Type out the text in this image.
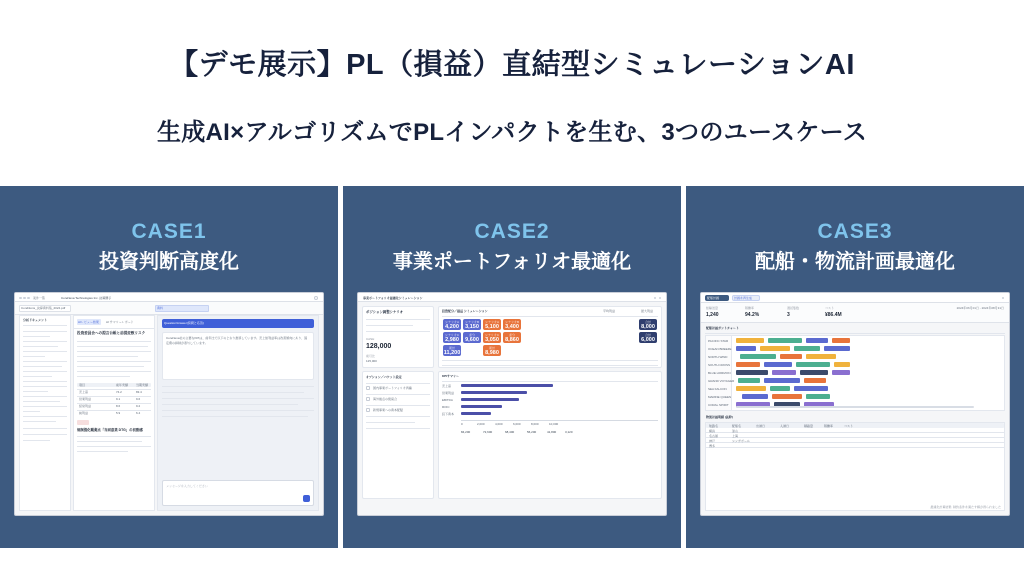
【デモ展示】PL（損益）直結型シミュレーションAI
生成AI×アルゴリズムでPLインパクトを生む、3つのユースケース
CASE1
投資判断高度化
案件一覧	CoreNexa Technologies Inc. 決算開示
Conditions_決算資料集_2024.pdf	資料
分析ドキュメント	AIレビュー結果 AI サマリーレポート
投資委員会への提言台帳と前提変数リスク
項目	前年実績	当期実績
売上高	74.2	83.4
営業利益	9.1	9.6
経常利益	8.6	9.2
純利益	5.9	6.4
規制強化観測点「当面意業 DTG」の初動感
Question/Answer(質問と応答)
CoreNexa社の主要なKPIは、前年比で以下のとおり推移しています。売上総利益率は改善傾向にあり、固定費の抑制が寄与しています。
メッセージを入力してください
CASE2
事業ポートフォリオ最適化
事業ポートフォリオ最適化シミュレーション
ポジション調整シナリオ
CASH
128,000
前月比
125,000
オプション／バケット設定
国内事業ポートフォリオ再編
海外拠点の統廃合
新規事業への資本配賦
投資配分／損益 シミュレーション	平均利益	最大利益
シナリオA
4,200
シナリオB
3,150
シナリオA
5,100
シナリオB
3,400
合計
8,000
シナリオC
2,980
差分
9,600
シナリオC
3,050
差分
8,860
合計
6,000
累計
11,200
累計
8,980
KPIサマリー
売上高
営業利益
EBITDA
ROIC
投下資本
0	2,000	4,000	6,000	8,000	10,000
84,200	72,600	68,400	56,200	41,800	3,120
CASE3
配船・物流計画最適化
配船計画	計画を再生成
総輸送量
1,240
稼働率
94.2%
遅延隻数
3
コスト
¥86.4M
2024年06月01日 - 2024年08月31日
配船計画ガントチャート
PACIFIC STAR
OCEAN BREEZE
NORTH WIND
SOUTH CROSS
BLUE HORIZON
GRAND VOYAGER
SEA FALCON
MARINE QUEEN
CORAL SPIRIT
物流計画明細 (抜粋)
航路名	配船名	出港日	入港日	積載量	稼働率	コスト
横浜
名古屋
神戸
博多
釜山
上海
シンガポール
最適化計算結果: 制約条件を満たす解が得られました
